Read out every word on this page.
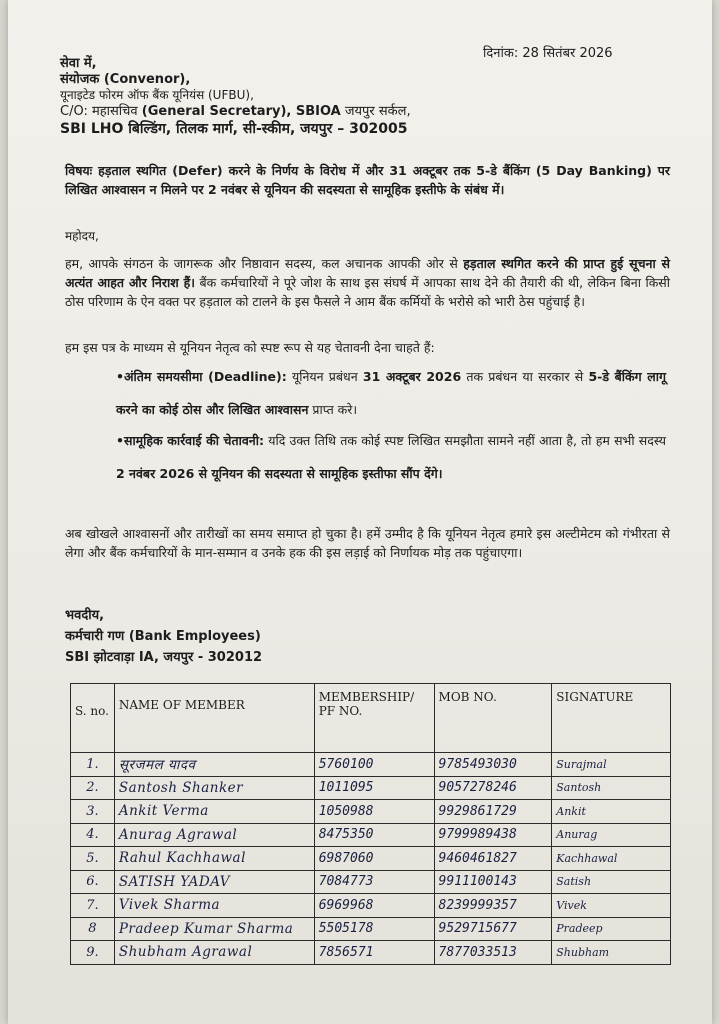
दिनांक: 28 सितंबर 2026
सेवा में,
संयोजक (Convenor),
यूनाइटेड फोरम ऑफ बैंक यूनियंस (UFBU),
C/O: महासचिव (General Secretary), SBIOA जयपुर सर्कल,
SBI LHO बिल्डिंग, तिलक मार्ग, सी-स्कीम, जयपुर – 302005
विषयः हड़ताल स्थगित (Defer) करने के निर्णय के विरोध में और 31 अक्टूबर तक 5-डे बैंकिंग (5 Day Banking) पर लिखित आश्वासन न मिलने पर 2 नवंबर से यूनियन की सदस्यता से सामूहिक इस्तीफे के संबंध में।
महोदय,
हम, आपके संगठन के जागरूक और निष्ठावान सदस्य, कल अचानक आपकी ओर से हड़ताल स्थगित करने की प्राप्त हुई सूचना से अत्यंत आहत और निराश हैं। बैंक कर्मचारियों ने पूरे जोश के साथ इस संघर्ष में आपका साथ देने की तैयारी की थी, लेकिन बिना किसी ठोस परिणाम के ऐन वक्त पर हड़ताल को टालने के इस फैसले ने आम बैंक कर्मियों के भरोसे को भारी ठेस पहुंचाई है।
हम इस पत्र के माध्यम से यूनियन नेतृत्व को स्पष्ट रूप से यह चेतावनी देना चाहते हैं:
•अंतिम समयसीमा (Deadline): यूनियन प्रबंधन 31 अक्टूबर 2026 तक प्रबंधन या सरकार से 5-डे बैंकिंग लागू करने का कोई ठोस और लिखित आश्वासन प्राप्त करे।
•सामूहिक कार्रवाई की चेतावनी: यदि उक्त तिथि तक कोई स्पष्ट लिखित समझौता सामने नहीं आता है, तो हम सभी सदस्य 2 नवंबर 2026 से यूनियन की सदस्यता से सामूहिक इस्तीफा सौंप देंगे।
अब खोखले आश्वासनों और तारीखों का समय समाप्त हो चुका है। हमें उम्मीद है कि यूनियन नेतृत्व हमारे इस अल्टीमेटम को गंभीरता से लेगा और बैंक कर्मचारियों के मान-सम्मान व उनके हक की इस लड़ाई को निर्णायक मोड़ तक पहुंचाएगा।
भवदीय,
कर्मचारी गण (Bank Employees)
SBI झोटवाड़ा IA, जयपुर - 302012
S. no.	NAME OF MEMBER	MEMBERSHIP/ PF NO.	MOB NO.	SIGNATURE
1.	सूरजमल यादव	5760100	9785493030	Surajmal
2.	Santosh Shanker	1011095	9057278246	Santosh
3.	Ankit Verma	1050988	9929861729	Ankit
4.	Anurag Agrawal	8475350	9799989438	Anurag
5.	Rahul Kachhawal	6987060	9460461827	Kachhawal
6.	SATISH YADAV	7084773	9911100143	Satish
7.	Vivek Sharma	6969968	8239999357	Vivek
8	Pradeep Kumar Sharma	5505178	9529715677	Pradeep
9.	Shubham Agrawal	7856571	7877033513	Shubham
